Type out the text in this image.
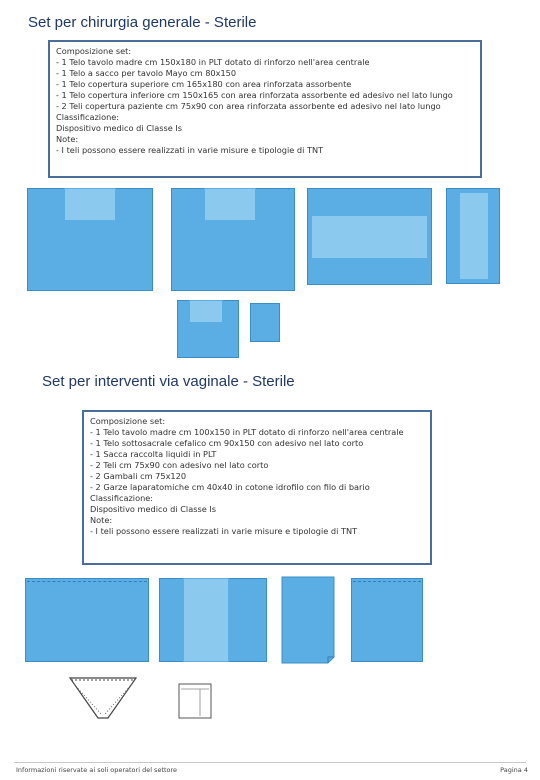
Set per chirurgia generale - Sterile
Composizione set:
- 1 Telo tavolo madre cm 150x180 in PLT dotato di rinforzo nell'area centrale
- 1 Telo a sacco per tavolo Mayo cm 80x150
- 1 Telo copertura superiore cm 165x180 con area rinforzata assorbente
- 1 Telo copertura inferiore cm 150x165 con area rinforzata assorbente ed adesivo nel lato lungo
- 2 Teli copertura paziente cm 75x90 con area rinforzata assorbente ed adesivo nel lato lungo
Classificazione:
Dispositivo medico di Classe Is
Note:
- I teli possono essere realizzati in varie misure e tipologie di TNT
Set per interventi via vaginale - Sterile
Composizione set:
- 1 Telo tavolo madre cm 100x150 in PLT dotato di rinforzo nell'area centrale
- 1 Telo sottosacrale cefalico cm 90x150 con adesivo nel lato corto
- 1 Sacca raccolta liquidi in PLT
- 2 Teli cm 75x90 con adesivo nel lato corto
- 2 Gambali cm 75x120
- 2 Garze laparatomiche cm 40x40 in cotone idrofilo con filo di bario
Classificazione:
Dispositivo medico di Classe Is
Note:
- I teli possono essere realizzati in varie misure e tipologie di TNT
Informazioni riservate ai soli operatori del settore	Pagina 4
